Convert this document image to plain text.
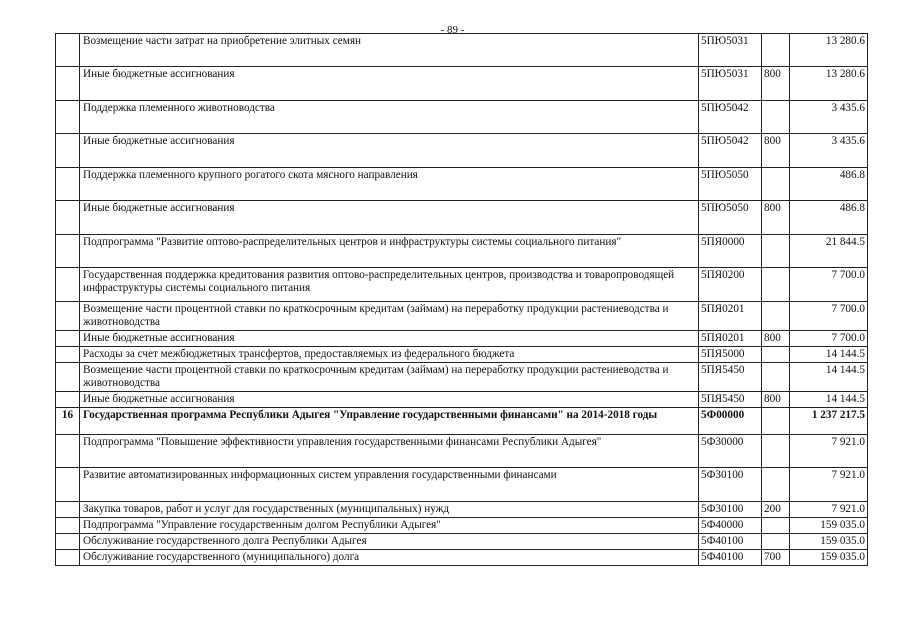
- 89 -
	Возмещение части затрат на приобретение элитных семян	5ПЮ5031		13 280.6
	Иные бюджетные ассигнования	5ПЮ5031	800	13 280.6
	Поддержка племенного животноводства	5ПЮ5042		3 435.6
	Иные бюджетные ассигнования	5ПЮ5042	800	3 435.6
	Поддержка племенного крупного рогатого скота мясного направления	5ПЮ5050		486.8
	Иные бюджетные ассигнования	5ПЮ5050	800	486.8
	Подпрограмма "Развитие оптово-распределительных центров и инфраструктуры системы социального питания"	5ПЯ0000		21 844.5
	Государственная поддержка кредитования развития оптово-распределительных центров, производства и товаропроводящей инфраструктуры системы социального питания	5ПЯ0200		7 700.0
	Возмещение части процентной ставки по краткосрочным кредитам (займам) на переработку продукции растениеводства и животноводства	5ПЯ0201		7 700.0
	Иные бюджетные ассигнования	5ПЯ0201	800	7 700.0
	Расходы за счет межбюджетных трансфертов, предоставляемых из федерального бюджета	5ПЯ5000		14 144.5
	Возмещение части процентной ставки по краткосрочным кредитам (займам) на переработку продукции растениеводства и животноводства	5ПЯ5450		14 144.5
	Иные бюджетные ассигнования	5ПЯ5450	800	14 144.5
16	Государственная программа Республики Адыгея "Управление государственными финансами" на 2014-2018 годы	5Ф00000		1 237 217.5
	Подпрограмма "Повышение эффективности управления государственными финансами Республики Адыгея"	5Ф30000		7 921.0
	Развитие автоматизированных информационных систем управления государственными финансами	5Ф30100		7 921.0
	Закупка товаров, работ и услуг для государственных (муниципальных) нужд	5Ф30100	200	7 921.0
	Подпрограмма "Управление государственным долгом Республики Адыгея"	5Ф40000		159 035.0
	Обслуживание государственного долга Республики Адыгея	5Ф40100		159 035.0
	Обслуживание государственного (муниципального) долга	5Ф40100	700	159 035.0
